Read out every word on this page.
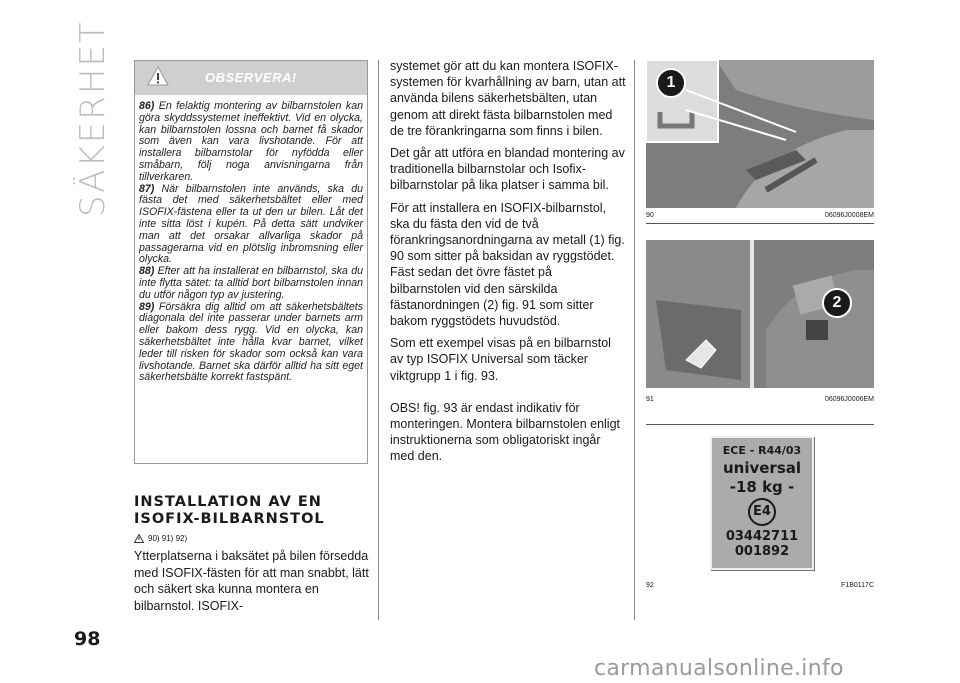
SÄKERHET	OBSERVERA!

86) En felaktig montering av bilbarnstolen kan göra skyddssystemet ineffektivt. Vid en olycka, kan bilbarnstolen lossna och barnet få skador som även kan vara livshotande. För att installera bilbarnstolar för nyfödda eller småbarn, följ noga anvisningarna från tillverkaren.

87) När bilbarnstolen inte används, ska du fästa det med säkerhetsbältet eller med ISOFIX-fästena eller ta ut den ur bilen. Låt det inte sitta löst i kupén. På detta sätt undviker man att det orsakar allvarliga skador på passagerarna vid en plötslig inbromsning eller olycka.

88) Efter att ha installerat en bilbarnstol, ska du inte flytta sätet: ta alltid bort bilbarnstolen innan du utför någon typ av justering.

89) Försäkra dig alltid om att säkerhetsbältets diagonala del inte passerar under barnets arm eller bakom dess rygg. Vid en olycka, kan säkerhetsbältet inte hålla kvar barnet, vilket leder till risken för skador som också kan vara livshotande. Barnet ska därför alltid ha sitt eget säkerhetsbälte korrekt fastspänt.

INSTALLATION AV EN
ISOFIX-BILBARNSTOL
90) 91) 92)
Ytterplatserna i baksätet på bilen försedda med ISOFIX-fästen för att man snabbt, lätt och säkert ska kunna montera en bilbarnstol. ISOFIX-

systemet gör att du kan montera ISOFIX-systemen för kvarhållning av barn, utan att använda bilens säkerhetsbälten, utan genom att direkt fästa bilbarnstolen med de tre förankringarna som finns i bilen.

Det går att utföra en blandad montering av traditionella bilbarnstolar och Isofix-bilbarnstolar på lika platser i samma bil.

För att installera en ISOFIX-bilbarnstol, ska du fästa den vid de två förankringsanordningarna av metall (1) fig. 90 som sitter på baksidan av ryggstödet. Fäst sedan det övre fästet på bilbarnstolen vid den särskilda fästanordningen (2) fig. 91 som sitter bakom ryggstödets huvudstöd.

Som ett exempel visas på en bilbarnstol av typ ISOFIX Universal som täcker viktgrupp 1 i fig. 93.

OBS! fig. 93 är endast indikativ för monteringen. Montera bilbarnstolen enligt instruktionerna som obligatoriskt ingår med den.

1
90	06096J0008EM
2
91	06096J0006EM
ECE - R44/03
universal
-18 kg -
E4
03442711
001892
92	F1B0117C
98
carmanualsonline.info
